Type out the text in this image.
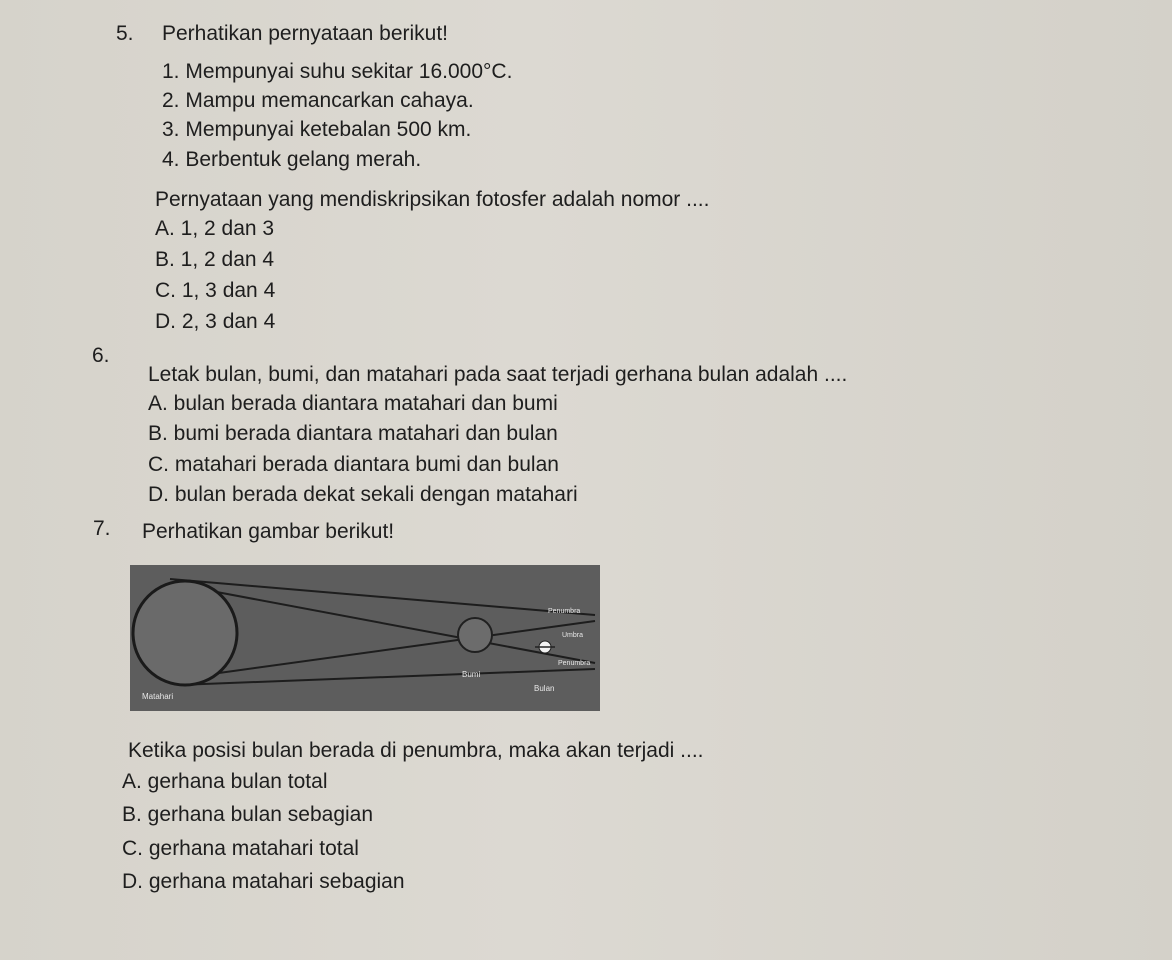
5. Perhatikan pernyataan berikut!
1. Mempunyai suhu sekitar 16.000°C.
2. Mampu memancarkan cahaya.
3. Mempunyai ketebalan 500 km.
4. Berbentuk gelang merah.
Pernyataan yang mendiskripsikan fotosfer adalah nomor ....
A. 1, 2 dan 3
B. 1, 2 dan 4
C. 1, 3 dan 4
D. 2, 3 dan 4
6.
Letak bulan, bumi, dan matahari pada saat terjadi gerhana bulan adalah ....
A. bulan berada diantara matahari dan bumi
B. bumi berada diantara matahari dan bulan
C. matahari berada diantara bumi dan bulan
D. bulan berada dekat sekali dengan matahari
7. Perhatikan gambar berikut!
Matahari
Bumi
Penumbra
Umbra
Penumbra
Bulan
Ketika posisi bulan berada di penumbra, maka akan terjadi ....
A. gerhana bulan total
B. gerhana bulan sebagian
C. gerhana matahari total
D. gerhana matahari sebagian
